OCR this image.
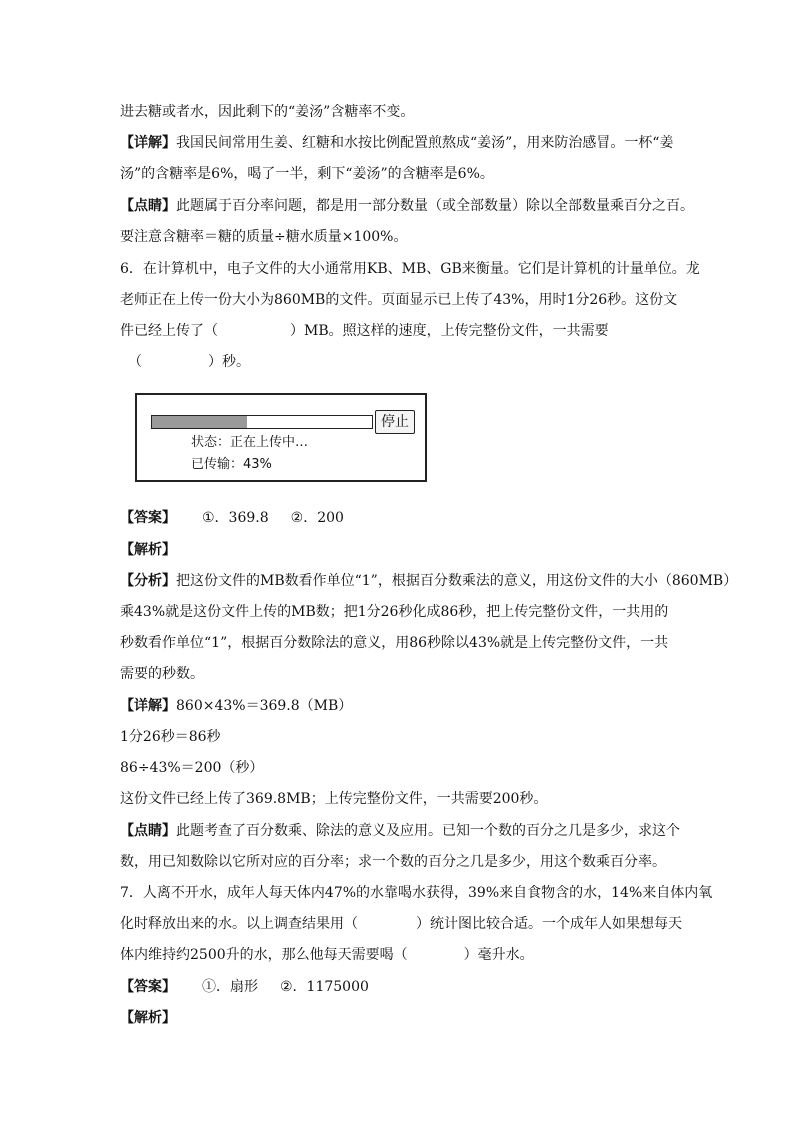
进去糖或者水，因此剩下的“姜汤”含糖率不变。
【详解】我国民间常用生姜、红糖和水按比例配置煎熬成“姜汤”，用来防治感冒。一杯“姜
汤”的含糖率是6%，喝了一半，剩下“姜汤”的含糖率是6%。
【点睛】此题属于百分率问题，都是用一部分数量（或全部数量）除以全部数量乘百分之百。
要注意含糖率＝糖的质量÷糖水质量×100%。
6．在计算机中，电子文件的大小通常用KB、MB、GB来衡量。它们是计算机的计量单位。龙
老师正在上传一份大小为860MB的文件。页面显示已上传了43%，用时1分26秒。这份文
件已经上传了（	）MB。照这样的速度，上传完整份文件，一共需要
（	）秒。
停止
状态：正在上传中…
已传输：43%
【答案】 ①．369.8 ②．200
【解析】
【分析】把这份文件的MB数看作单位“1”，根据百分数乘法的意义，用这份文件的大小（860MB）
乘43%就是这份文件上传的MB数；把1分26秒化成86秒，把上传完整份文件，一共用的
秒数看作单位“1”，根据百分数除法的意义，用86秒除以43%就是上传完整份文件，一共
需要的秒数。
【详解】860×43%＝369.8（MB）
1分26秒＝86秒
86÷43%＝200（秒）
这份文件已经上传了369.8MB；上传完整份文件，一共需要200秒。
【点睛】此题考查了百分数乘、除法的意义及应用。已知一个数的百分之几是多少，求这个
数，用已知数除以它所对应的百分率；求一个数的百分之几是多少，用这个数乘百分率。
7．人离不开水，成年人每天体内47%的水靠喝水获得，39%来自食物含的水，14%来自体内氧
化时释放出来的水。以上调查结果用（	）统计图比较合适。一个成年人如果想每天
体内维持约2500升的水，那么他每天需要喝（	）毫升水。
【答案】 ①．扇形 ②．1175000
【解析】
